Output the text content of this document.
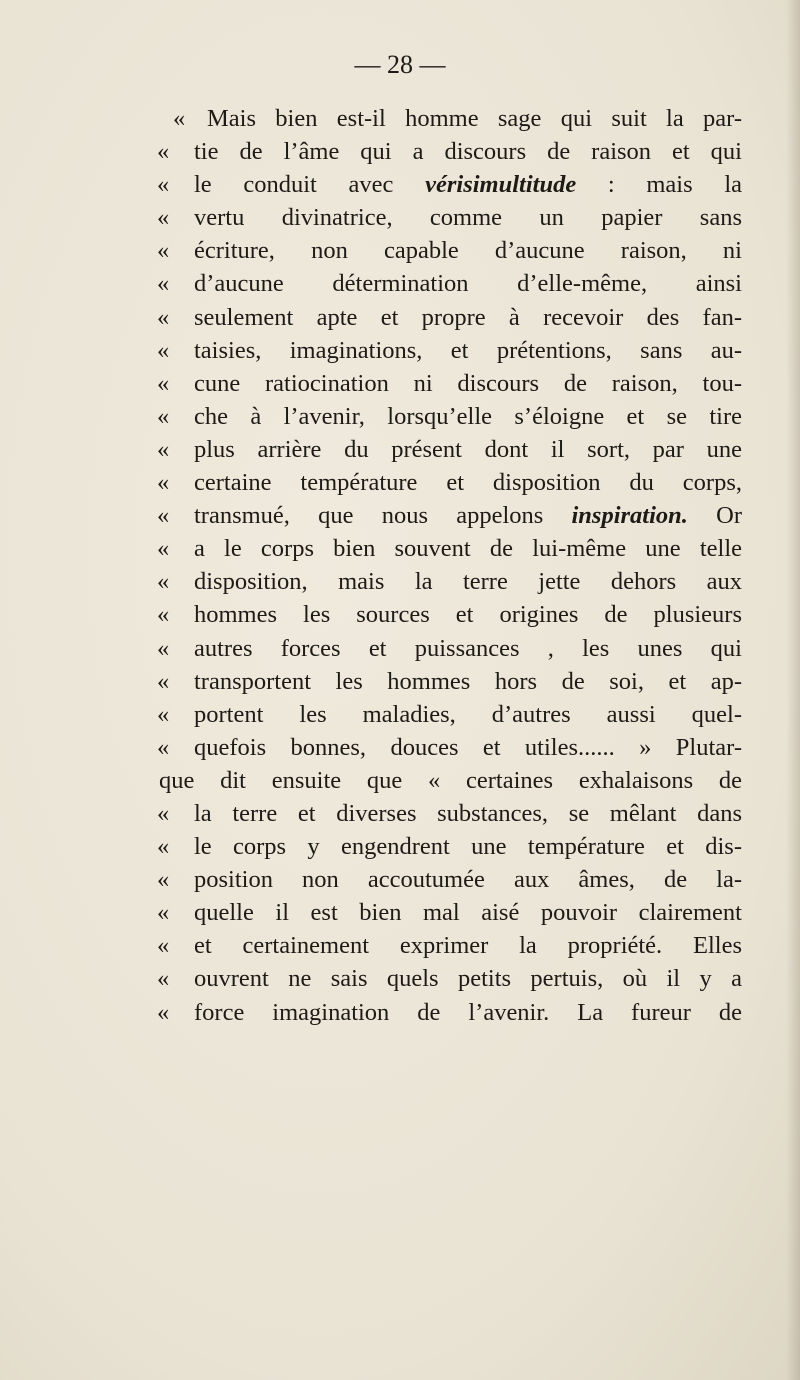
— 28 —
« Mais bien est-il homme sage qui suit la par-
«	tie de l’âme qui a discours de raison et qui
«	le conduit avec vérisimultitude : mais la
«	vertu divinatrice, comme un papier sans
«	écriture, non capable d’aucune raison, ni
«	d’aucune détermination d’elle-même, ainsi
«	seulement apte et propre à recevoir des fan-
«	taisies, imaginations, et prétentions, sans au-
«	cune ratiocination ni discours de raison, tou-
«	che à l’avenir, lorsqu’elle s’éloigne et se tire
«	plus arrière du présent dont il sort, par une
«	certaine température et disposition du corps,
«	transmué, que nous appelons inspiration. Or
«	a le corps bien souvent de lui-même une telle
«	disposition, mais la terre jette dehors aux
«	hommes les sources et origines de plusieurs
«	autres forces et puissances , les unes qui
«	transportent les hommes hors de soi, et ap-
«	portent les maladies, d’autres aussi quel-
«	quefois bonnes, douces et utiles...... » Plutar-
que dit ensuite que « certaines exhalaisons de
«	la terre et diverses substances, se mêlant dans
«	le corps y engendrent une température et dis-
«	position non accoutumée aux âmes, de la-
«	quelle il est bien mal aisé pouvoir clairement
«	et certainement exprimer la propriété. Elles
«	ouvrent ne sais quels petits pertuis, où il y a
«	force imagination de l’avenir. La fureur de
